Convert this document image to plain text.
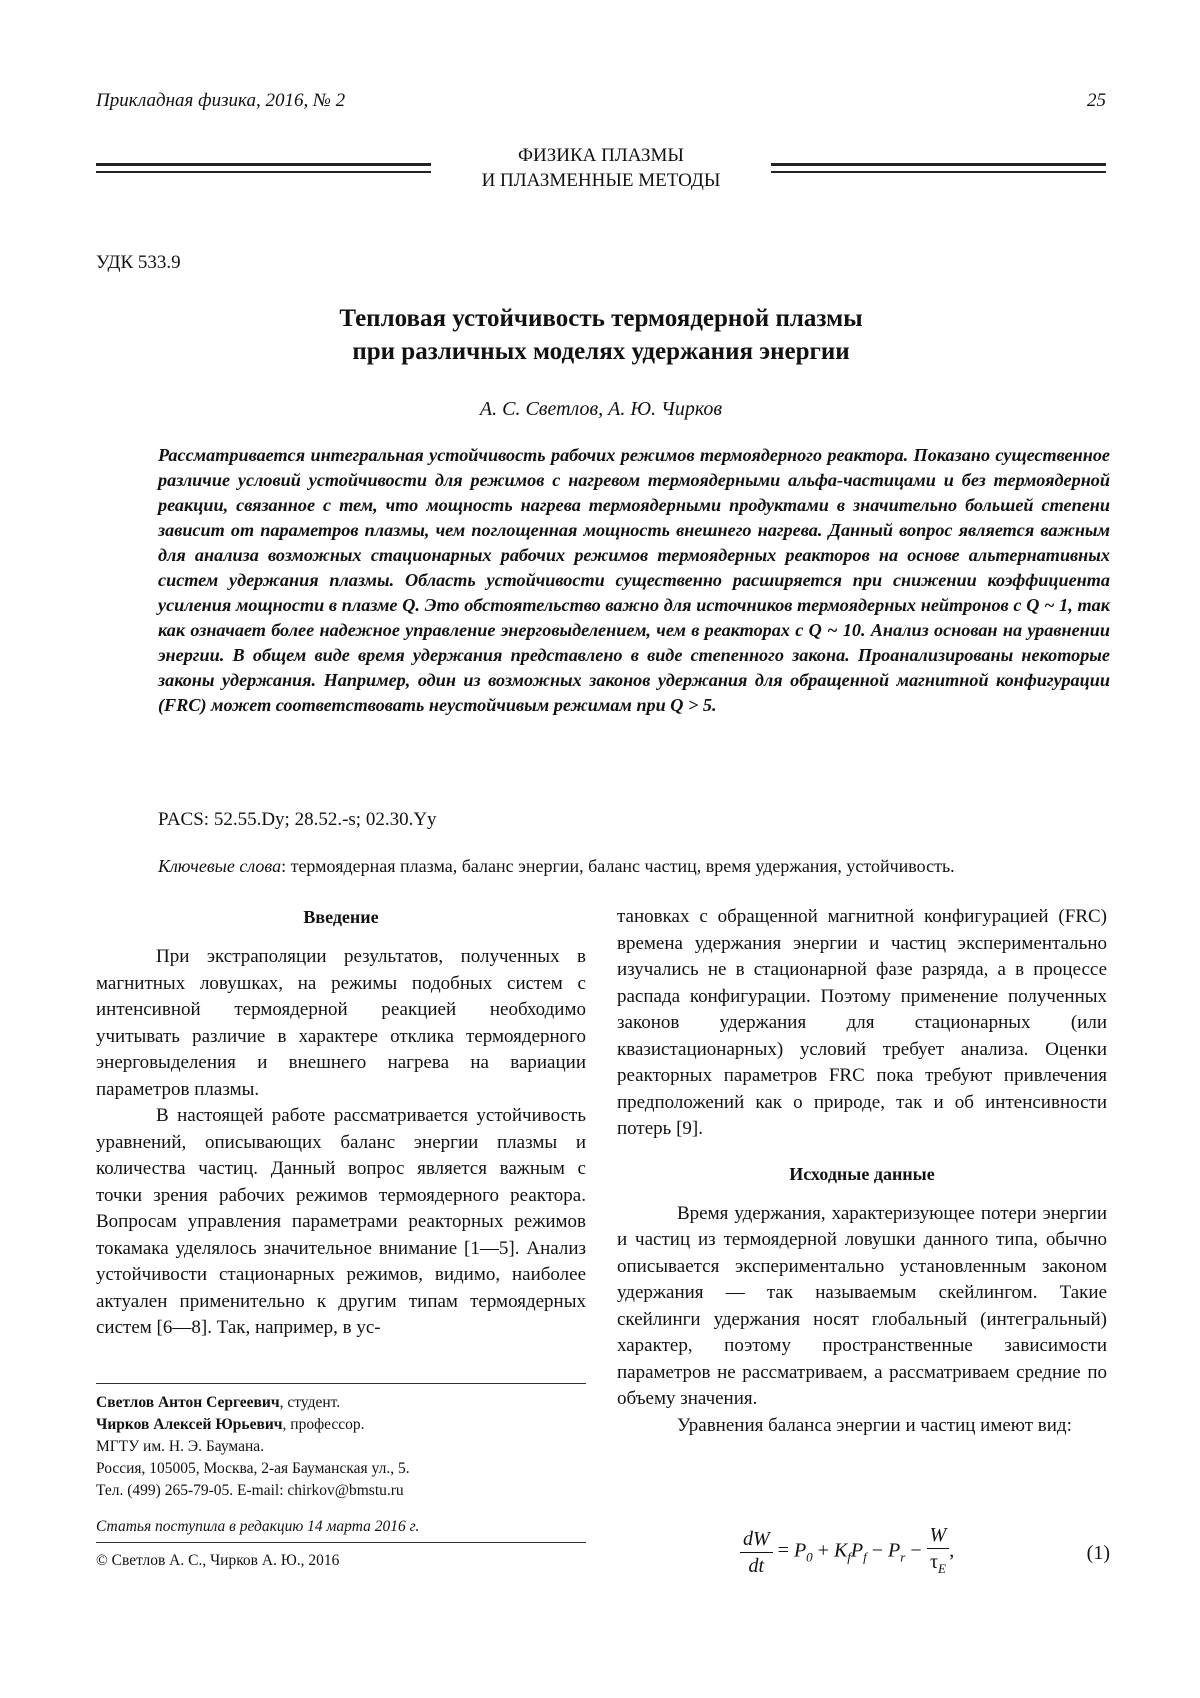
Прикладная физика, 2016, № 2	25
ФИЗИКА ПЛАЗМЫ
И ПЛАЗМЕННЫЕ МЕТОДЫ
УДК 533.9
Тепловая устойчивость термоядерной плазмы
при различных моделях удержания энергии
А. С. Светлов, А. Ю. Чирков
Рассматривается интегральная устойчивость рабочих режимов термоядерного реактора. Показано существенное различие условий устойчивости для режимов с нагревом термоядерными альфа-частицами и без термоядерной реакции, связанное с тем, что мощность нагрева термоядерными продуктами в значительно большей степени зависит от параметров плазмы, чем поглощенная мощность внешнего нагрева. Данный вопрос является важным для анализа возможных стационарных рабочих режимов термоядерных реакторов на основе альтернативных систем удержания плазмы. Область устойчивости существенно расширяется при снижении коэффициента усиления мощности в плазме Q. Это обстоятельство важно для источников термоядерных нейтронов с Q ~ 1, так как означает более надежное управление энерговыделением, чем в реакторах с Q ~ 10. Анализ основан на уравнении энергии. В общем виде время удержания представлено в виде степенного закона. Проанализированы некоторые законы удержания. Например, один из возможных законов удержания для обращенной магнитной конфигурации (FRC) может соответствовать неустойчивым режимам при Q > 5.
PACS: 52.55.Dy; 28.52.-s; 02.30.Yy
Ключевые слова: термоядерная плазма, баланс энергии, баланс частиц, время удержания, устойчивость.
Введение

При экстраполяции результатов, полученных в магнитных ловушках, на режимы подобных систем с интенсивной термоядерной реакцией необходимо учитывать различие в характере отклика термоядерного энерговыделения и внешнего нагрева на вариации параметров плазмы.

В настоящей работе рассматривается устойчивость уравнений, описывающих баланс энергии плазмы и количества частиц. Данный вопрос является важным с точки зрения рабочих режимов термоядерного реактора. Вопросам управления параметрами реакторных режимов токамака уделялось значительное внимание [1—5]. Анализ устойчивости стационарных режимов, видимо, наиболее актуален применительно к другим типам термоядерных систем [6—8]. Так, например, в ус-

тановках с обращенной магнитной конфигурацией (FRC) времена удержания энергии и частиц экспериментально изучались не в стационарной фазе разряда, а в процессе распада конфигурации. Поэтому применение полученных законов удержания для стационарных (или квазистационарных) условий требует анализа. Оценки реакторных параметров FRC пока требуют привлечения предположений как о природе, так и об интенсивности потерь [9].

Исходные данные

Время удержания, характеризующее потери энергии и частиц из термоядерной ловушки данного типа, обычно описывается экспериментально установленным законом удержания — так называемым скейлингом. Такие скейлинги удержания носят глобальный (интегральный) характер, поэтому пространственные зависимости параметров не рассматриваем, а рассматриваем средние по объему значения.

Уравнения баланса энергии и частиц имеют вид:

Светлов Антон Сергеевич, студент.
Чирков Алексей Юрьевич, профессор.
МГТУ им. Н. Э. Баумана.
Россия, 105005, Москва, 2-ая Бауманская ул., 5.
Тел. (499) 265-79-05. E-mail: chirkov@bmstu.ru
Статья поступила в редакцию 14 марта 2016 г.
© Светлов А. С., Чирков А. Ю., 2016	$\frac{dW}{dt} = P_0 + K_fP_f - P_r - \frac{W}{\tau_E}$ ,	(1)
